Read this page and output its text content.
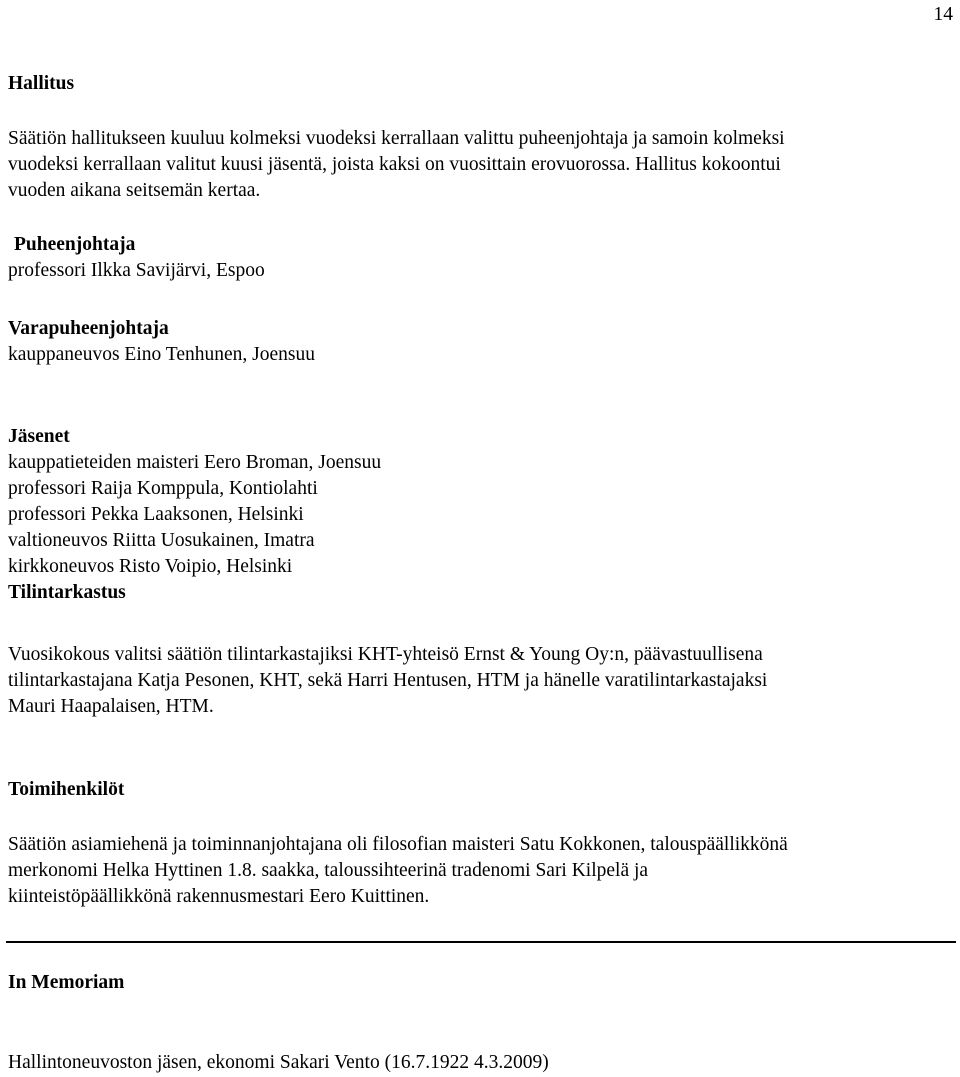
14
Hallitus
Säätiön hallitukseen kuuluu kolmeksi vuodeksi kerrallaan valittu puheenjohtaja ja samoin kolmeksi
vuodeksi kerrallaan valitut kuusi jäsentä, joista kaksi on vuosittain erovuorossa. Hallitus kokoontui
vuoden aikana seitsemän kertaa.
Puheenjohtaja
professori Ilkka Savijärvi, Espoo
Varapuheenjohtaja
kauppaneuvos Eino Tenhunen, Joensuu
Jäsenet
kauppatieteiden maisteri Eero Broman, Joensuu
professori Raija Komppula, Kontiolahti
professori Pekka Laaksonen, Helsinki
valtioneuvos Riitta Uosukainen, Imatra
kirkkoneuvos Risto Voipio, Helsinki
Tilintarkastus
Vuosikokous valitsi säätiön tilintarkastajiksi KHT-yhteisö Ernst & Young Oy:n, päävastuullisena
tilintarkastajana Katja Pesonen, KHT, sekä Harri Hentusen, HTM ja hänelle varatilintarkastajaksi
Mauri Haapalaisen, HTM.
Toimihenkilöt
Säätiön asiamiehenä ja toiminnanjohtajana oli filosofian maisteri Satu Kokkonen, talouspäällikkönä
merkonomi Helka Hyttinen 1.8. saakka, taloussihteerinä tradenomi Sari Kilpelä ja
kiinteistöpäällikkönä rakennusmestari Eero Kuittinen.
In Memoriam
Hallintoneuvoston jäsen, ekonomi Sakari Vento (16.7.1922 4.3.2009)
